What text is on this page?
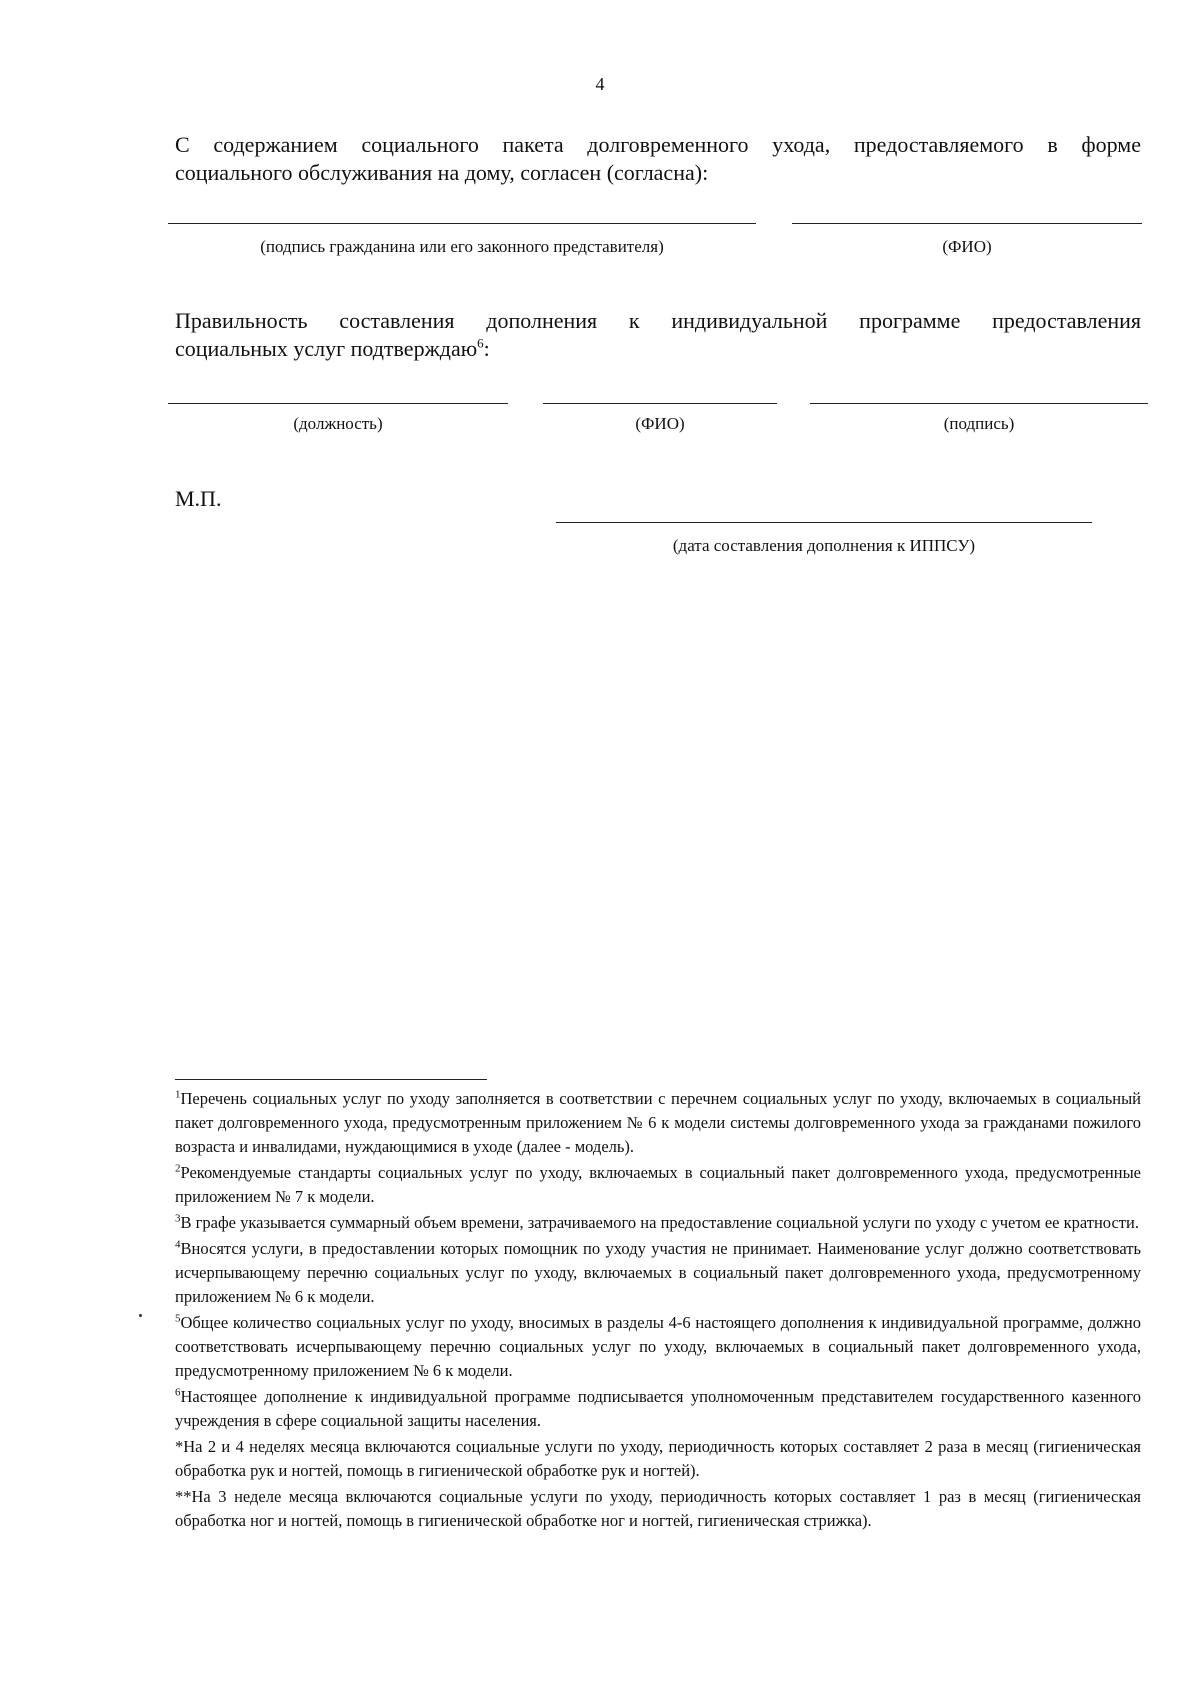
4
С содержанием социального пакета долговременного ухода, предоставляемого в форме
социального обслуживания на дому, согласен (согласна):
(подпись гражданина или его законного представителя)	(ФИО)
Правильность составления дополнения к индивидуальной программе предоставления
социальных услуг подтверждаю$^6$:
(должность)	(ФИО)	(подпись)
М.П.
(дата составления дополнения к ИППСУ)

$^1$Перечень социальных услуг по уходу заполняется в соответствии с перечнем социальных услуг по уходу, включаемых в социальный пакет долговременного ухода, предусмотренным приложением № 6 к модели системы долговременного ухода за гражданами пожилого возраста и инвалидами, нуждающимися в уходе (далее - модель).

$^2$Рекомендуемые стандарты социальных услуг по уходу, включаемых в социальный пакет долговременного ухода, предусмотренные приложением № 7 к модели.

$^3$В графе указывается суммарный объем времени, затрачиваемого на предоставление социальной услуги по уходу с учетом ее кратности.

$^4$Вносятся услуги, в предоставлении которых помощник по уходу участия не принимает. Наименование услуг должно соответствовать исчерпывающему перечню социальных услуг по уходу, включаемых в социальный пакет долговременного ухода, предусмотренному приложением № 6 к модели.

$^5$Общее количество социальных услуг по уходу, вносимых в разделы 4-6 настоящего дополнения к индивидуальной программе, должно соответствовать исчерпывающему перечню социальных услуг по уходу, включаемых в социальный пакет долговременного ухода, предусмотренному приложением № 6 к модели.

$^6$Настоящее дополнение к индивидуальной программе подписывается уполномоченным представителем государственного казенного учреждения в сфере социальной защиты населения.

*На 2 и 4 неделях месяца включаются социальные услуги по уходу, периодичность которых составляет 2 раза в месяц (гигиеническая обработка рук и ногтей, помощь в гигиенической обработке рук и ногтей).

**На 3 неделе месяца включаются социальные услуги по уходу, периодичность которых составляет 1 раз в месяц (гигиеническая обработка ног и ногтей, помощь в гигиенической обработке ног и ногтей, гигиеническая стрижка).
